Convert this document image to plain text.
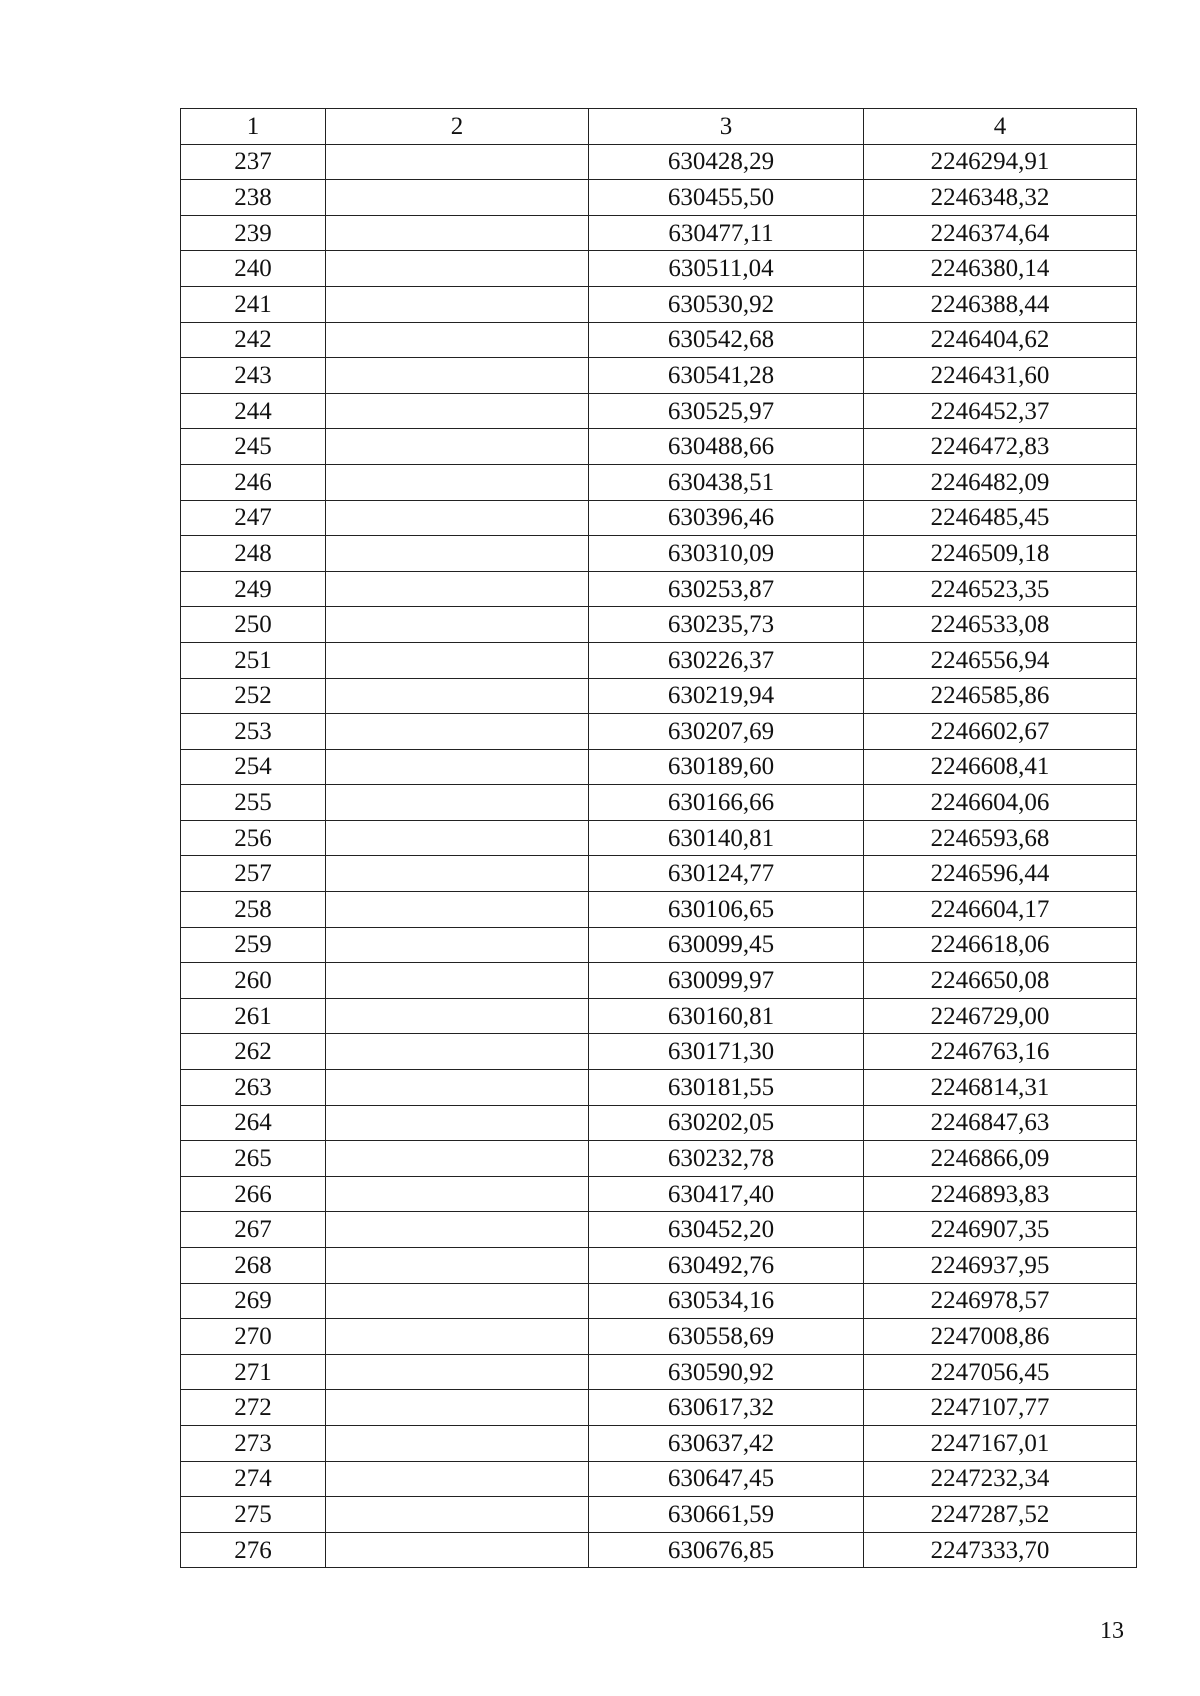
1	2	3	4
237		630428,29	2246294,91
238		630455,50	2246348,32
239		630477,11	2246374,64
240		630511,04	2246380,14
241		630530,92	2246388,44
242		630542,68	2246404,62
243		630541,28	2246431,60
244		630525,97	2246452,37
245		630488,66	2246472,83
246		630438,51	2246482,09
247		630396,46	2246485,45
248		630310,09	2246509,18
249		630253,87	2246523,35
250		630235,73	2246533,08
251		630226,37	2246556,94
252		630219,94	2246585,86
253		630207,69	2246602,67
254		630189,60	2246608,41
255		630166,66	2246604,06
256		630140,81	2246593,68
257		630124,77	2246596,44
258		630106,65	2246604,17
259		630099,45	2246618,06
260		630099,97	2246650,08
261		630160,81	2246729,00
262		630171,30	2246763,16
263		630181,55	2246814,31
264		630202,05	2246847,63
265		630232,78	2246866,09
266		630417,40	2246893,83
267		630452,20	2246907,35
268		630492,76	2246937,95
269		630534,16	2246978,57
270		630558,69	2247008,86
271		630590,92	2247056,45
272		630617,32	2247107,77
273		630637,42	2247167,01
274		630647,45	2247232,34
275		630661,59	2247287,52
276		630676,85	2247333,70
13
